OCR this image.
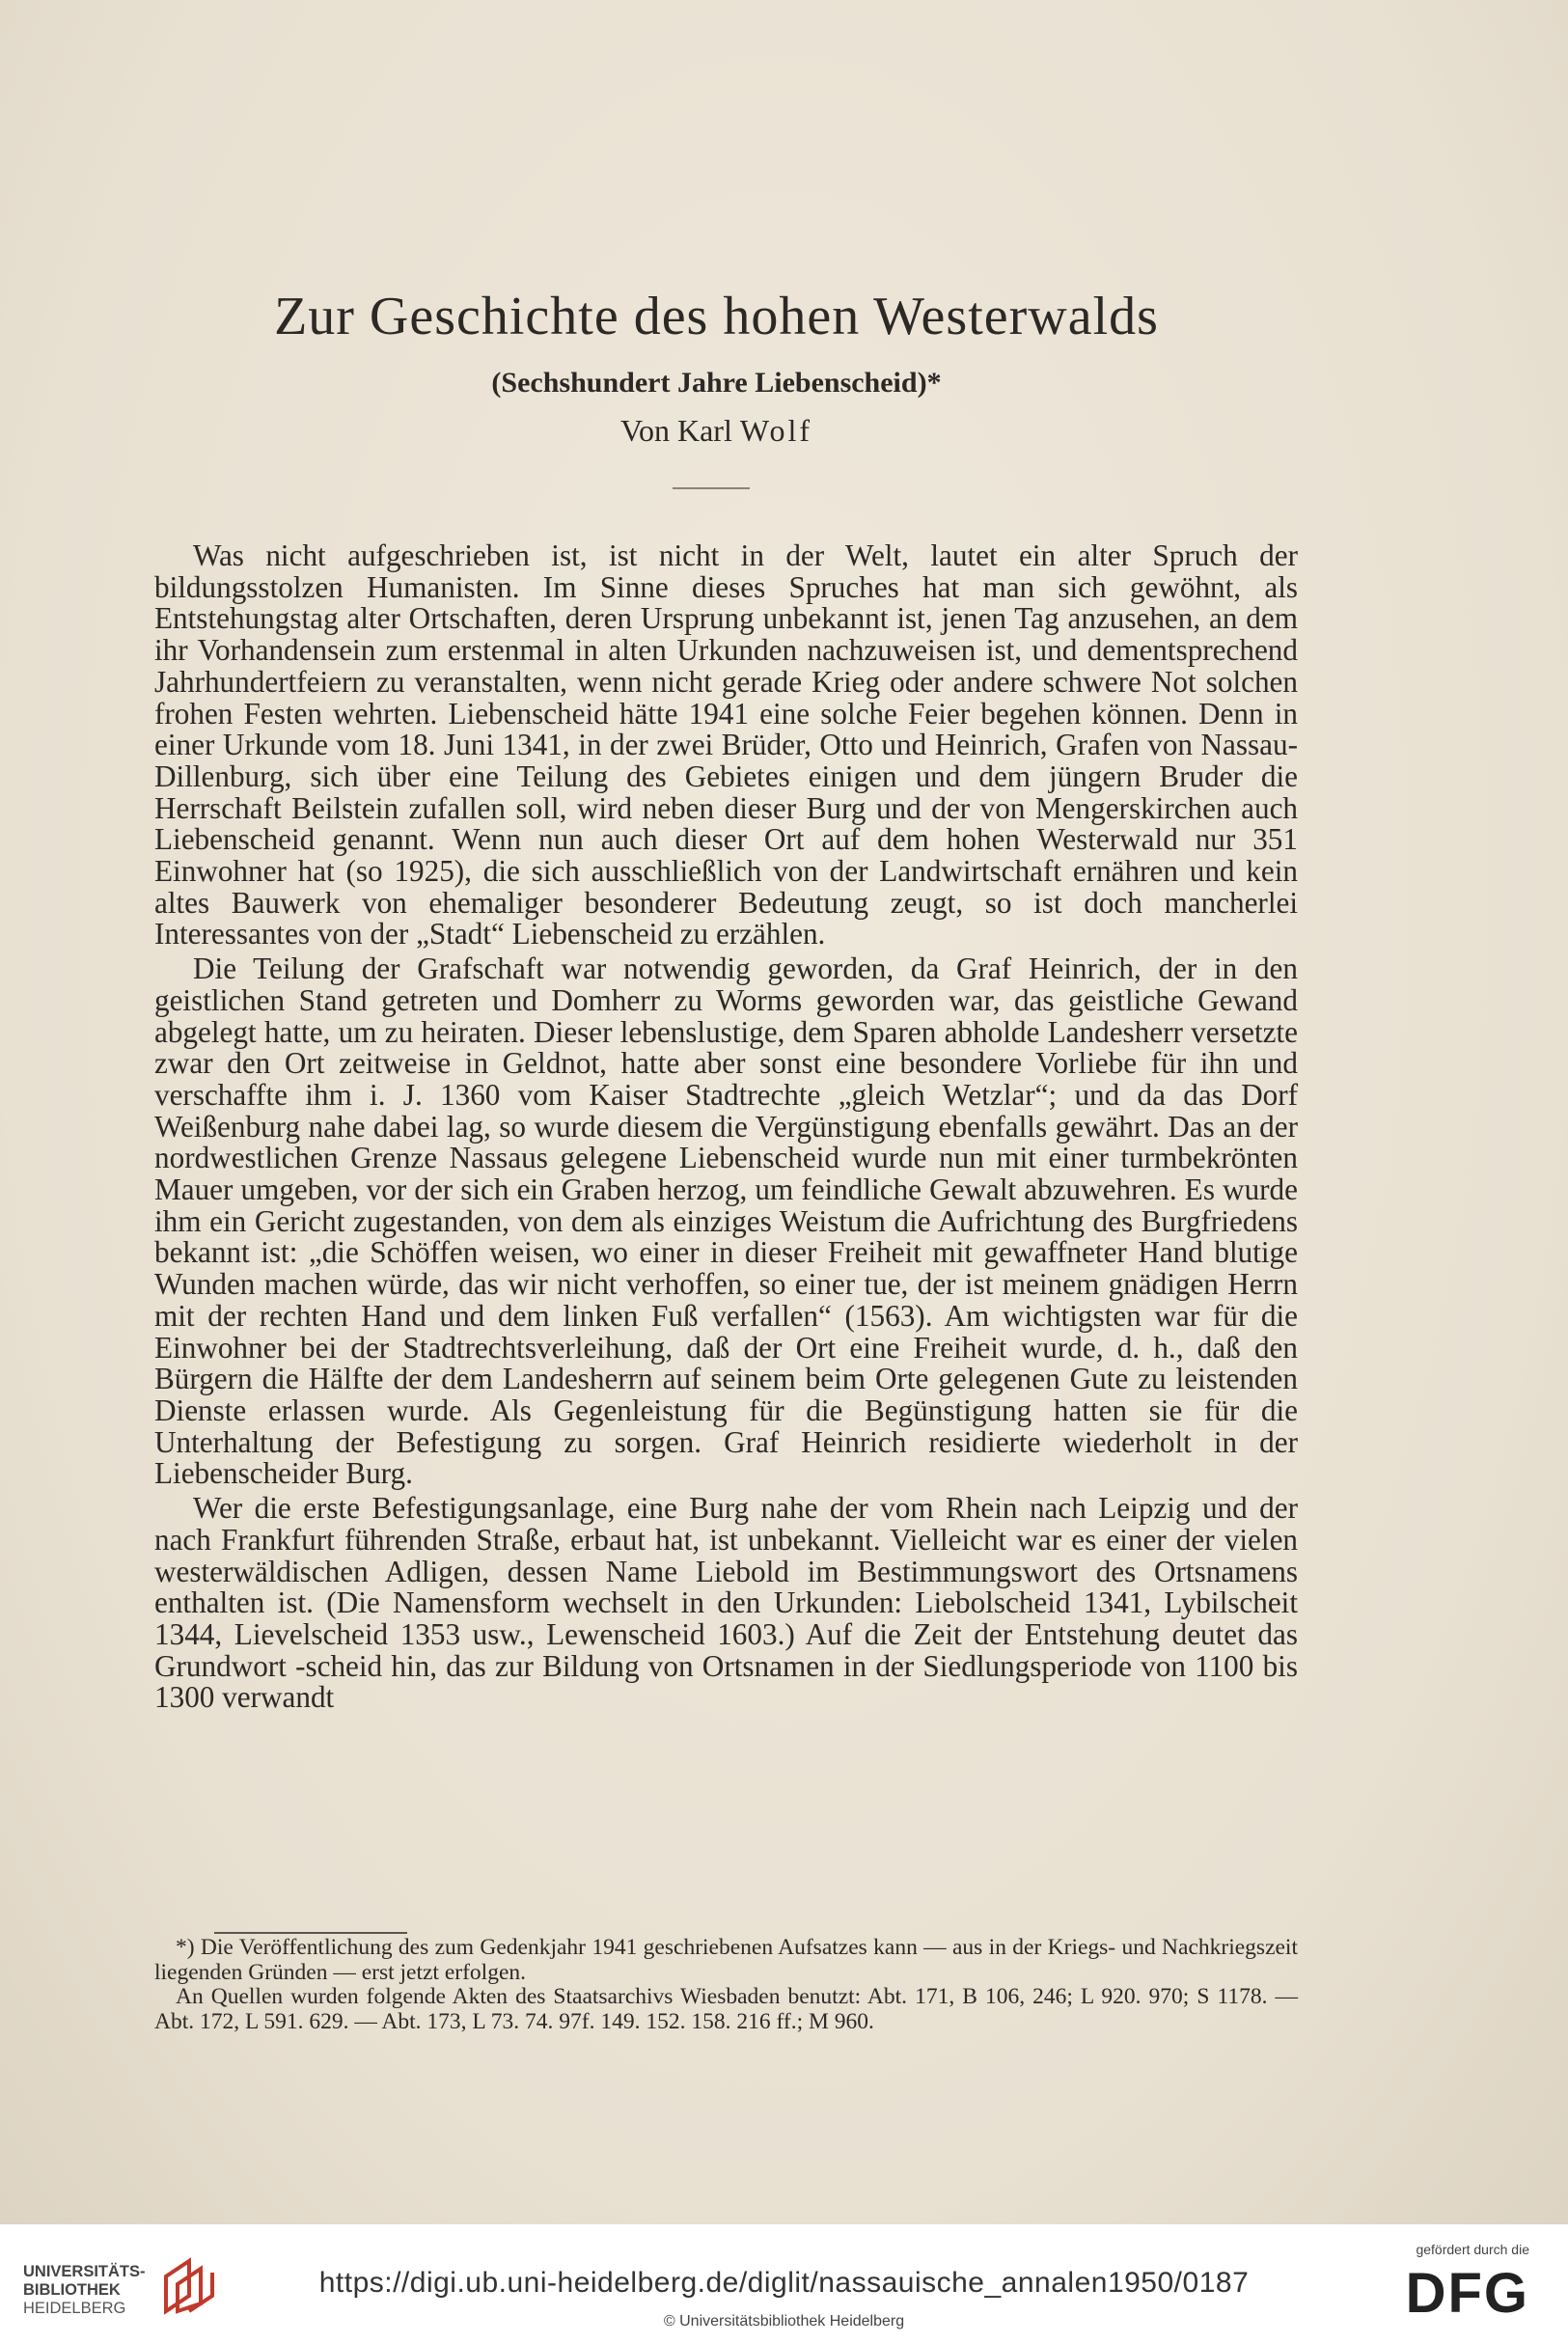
Zur Geschichte des hohen Westerwalds

(Sechshundert Jahre Liebenscheid)*

Von Karl Wolf

Was nicht aufgeschrieben ist, ist nicht in der Welt, lautet ein alter Spruch der bildungsstolzen Humanisten. Im Sinne dieses Spruches hat man sich gewöhnt, als Entstehungstag alter Ortschaften, deren Ursprung unbekannt ist, jenen Tag anzusehen, an dem ihr Vorhandensein zum erstenmal in alten Urkunden nachzuweisen ist, und dementsprechend Jahrhundertfeiern zu veranstalten, wenn nicht gerade Krieg oder andere schwere Not solchen frohen Festen wehrten. Liebenscheid hätte 1941 eine solche Feier begehen können. Denn in einer Urkunde vom 18. Juni 1341, in der zwei Brüder, Otto und Heinrich, Grafen von Nassau-Dillenburg, sich über eine Teilung des Gebietes einigen und dem jüngern Bruder die Herrschaft Beilstein zufallen soll, wird neben dieser Burg und der von Mengerskirchen auch Liebenscheid genannt. Wenn nun auch dieser Ort auf dem hohen Westerwald nur 351 Einwohner hat (so 1925), die sich ausschließlich von der Landwirtschaft ernähren und kein altes Bauwerk von ehemaliger besonderer Bedeutung zeugt, so ist doch mancherlei Interessantes von der „Stadt“ Liebenscheid zu erzählen.

Die Teilung der Grafschaft war notwendig geworden, da Graf Heinrich, der in den geistlichen Stand getreten und Domherr zu Worms geworden war, das geistliche Gewand abgelegt hatte, um zu heiraten. Dieser lebenslustige, dem Sparen abholde Landesherr versetzte zwar den Ort zeitweise in Geldnot, hatte aber sonst eine besondere Vorliebe für ihn und verschaffte ihm i. J. 1360 vom Kaiser Stadtrechte „gleich Wetzlar“; und da das Dorf Weißenburg nahe dabei lag, so wurde diesem die Vergünstigung ebenfalls gewährt. Das an der nordwestlichen Grenze Nassaus gelegene Liebenscheid wurde nun mit einer turmbekrönten Mauer umgeben, vor der sich ein Graben herzog, um feindliche Gewalt abzuwehren. Es wurde ihm ein Gericht zugestanden, von dem als einziges Weistum die Aufrichtung des Burgfriedens bekannt ist: „die Schöffen weisen, wo einer in dieser Freiheit mit gewaffneter Hand blutige Wunden machen würde, das wir nicht verhoffen, so einer tue, der ist meinem gnädigen Herrn mit der rechten Hand und dem linken Fuß verfallen“ (1563). Am wichtigsten war für die Einwohner bei der Stadtrechtsverleihung, daß der Ort eine Freiheit wurde, d. h., daß den Bürgern die Hälfte der dem Landesherrn auf seinem beim Orte gelegenen Gute zu leistenden Dienste erlassen wurde. Als Gegenleistung für die Begünstigung hatten sie für die Unterhaltung der Befestigung zu sorgen. Graf Heinrich residierte wiederholt in der Liebenscheider Burg.

Wer die erste Befestigungsanlage, eine Burg nahe der vom Rhein nach Leipzig und der nach Frankfurt führenden Straße, erbaut hat, ist unbekannt. Vielleicht war es einer der vielen westerwäldischen Adligen, dessen Name Liebold im Bestimmungswort des Ortsnamens enthalten ist. (Die Namensform wechselt in den Urkunden: Liebolscheid 1341, Lybilscheit 1344, Lievelscheid 1353 usw., Lewenscheid 1603.) Auf die Zeit der Entstehung deutet das Grundwort -scheid hin, das zur Bildung von Ortsnamen in der Siedlungsperiode von 1100 bis 1300 verwandt

*) Die Veröffentlichung des zum Gedenkjahr 1941 geschriebenen Aufsatzes kann — aus in der Kriegs- und Nachkriegszeit liegenden Gründen — erst jetzt erfolgen.

An Quellen wurden folgende Akten des Staatsarchivs Wiesbaden benutzt: Abt. 171, B 106, 246; L 920. 970; S 1178. — Abt. 172, L 591. 629. — Abt. 173, L 73. 74. 97f. 149. 152. 158. 216 ff.; M 960.

UNIVERSITÄTS-
BIBLIOTHEK
HEIDELBERG
https://digi.ub.uni-heidelberg.de/diglit/nassauische_annalen1950/0187
© Universitätsbibliothek Heidelberg
gefördert durch die
DFG
